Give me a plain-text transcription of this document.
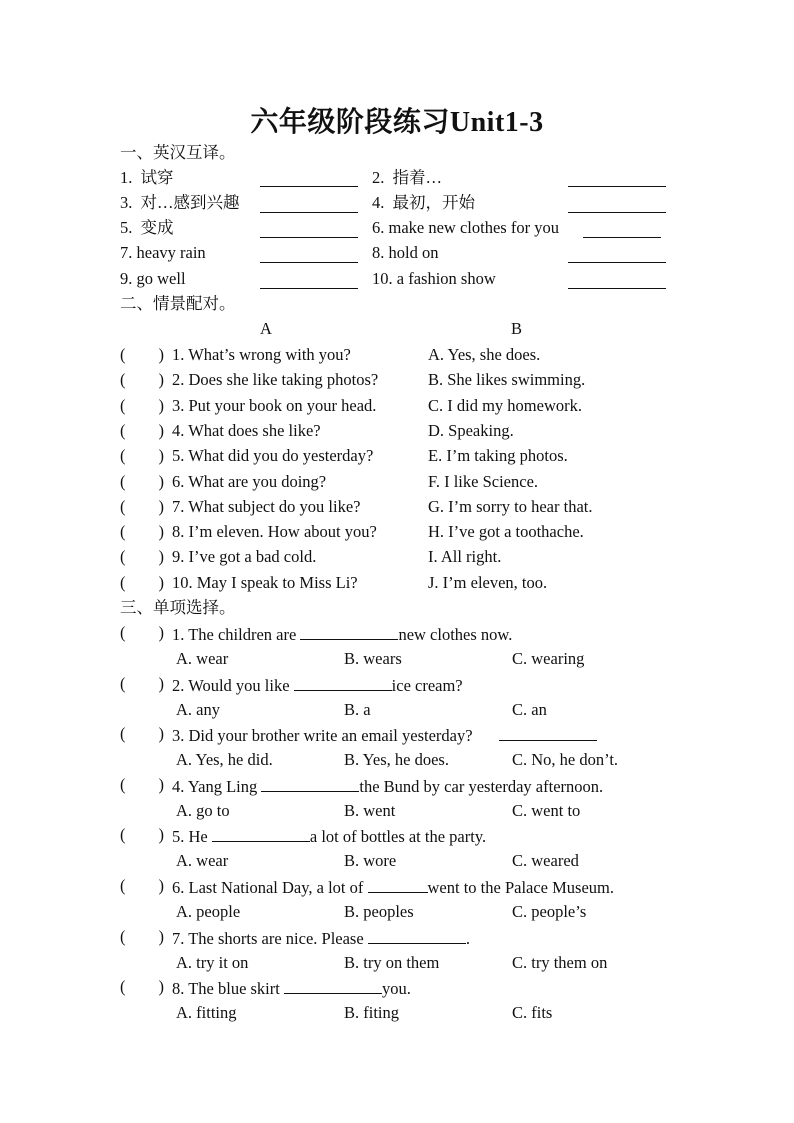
六年级阶段练习Unit1-3
一、英汉互译。
1. 试穿	2. 指着…
3. 对…感到兴趣	4. 最初，开始
5. 变成	6. make new clothes for you
7. heavy rain	8. hold on
9. go well	10. a fashion show
二、情景配对。
A	B
(        ) 1. What’s wrong with you?	A. Yes, she does.
(        ) 2. Does she like taking photos?	B. She likes swimming.
(        ) 3. Put your book on your head.	C. I did my homework.
(        ) 4. What does she like?	D. Speaking.
(        ) 5. What did you do yesterday?	E. I’m taking photos.
(        ) 6. What are you doing?	F. I like Science.
(        ) 7. What subject do you like?	G. I’m sorry to hear that.
(        ) 8. I’m eleven. How about you?	H. I’ve got a toothache.
(        ) 9. I’ve got a bad cold.	I. All right.
(        ) 10. May I speak to Miss Li?	J. I’m eleven, too.
三、单项选择。
(        ) 1. The children are	new clothes now.
A. wear	B. wears	C. wearing
(        ) 2. Would you like	ice cream?
A. any	B. a	C. an
(        ) 3. Did your brother write an email yesterday?
A. Yes, he did.	B. Yes, he does.	C. No, he don’t.
(        ) 4. Yang Ling	the Bund by car yesterday afternoon.
A. go to	B. went	C. went to
(        ) 5. He	a lot of bottles at the party.
A. wear	B. wore	C. weared
(        ) 6. Last National Day, a lot of	went to the Palace Museum.
A. people	B. peoples	C. people’s
(        ) 7. The shorts are nice. Please	.
A. try it on	B. try on them	C. try them on
(        ) 8. The blue skirt	you.
A. fitting	B. fiting	C. fits
